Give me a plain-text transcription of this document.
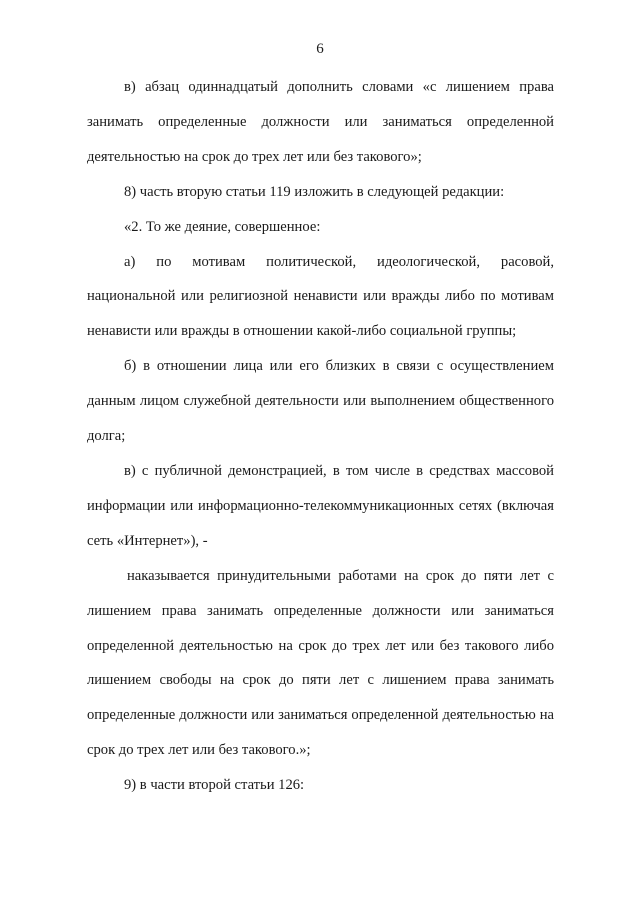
6

в) абзац одиннадцатый дополнить словами «с лишением права занимать определенные должности или заниматься определенной деятельностью на срок до трех лет или без такового»;

8) часть вторую статьи 119 изложить в следующей редакции:

«2. То же деяние, совершенное:

а) по мотивам политической, идеологической, расовой, национальной или религиозной ненависти или вражды либо по мотивам ненависти или вражды в отношении какой-либо социальной группы;

б) в отношении лица или его близких в связи с осуществлением данным лицом служебной деятельности или выполнением общественного долга;

в) с публичной демонстрацией, в том числе в средствах массовой информации или информационно-телекоммуникационных сетях (включая сеть «Интернет»), -

наказывается принудительными работами на срок до пяти лет с лишением права занимать определенные должности или заниматься определенной деятельностью на срок до трех лет или без такового либо лишением свободы на срок до пяти лет с лишением права занимать определенные должности или заниматься определенной деятельностью на срок до трех лет или без такового.»;

9) в части второй статьи 126:
